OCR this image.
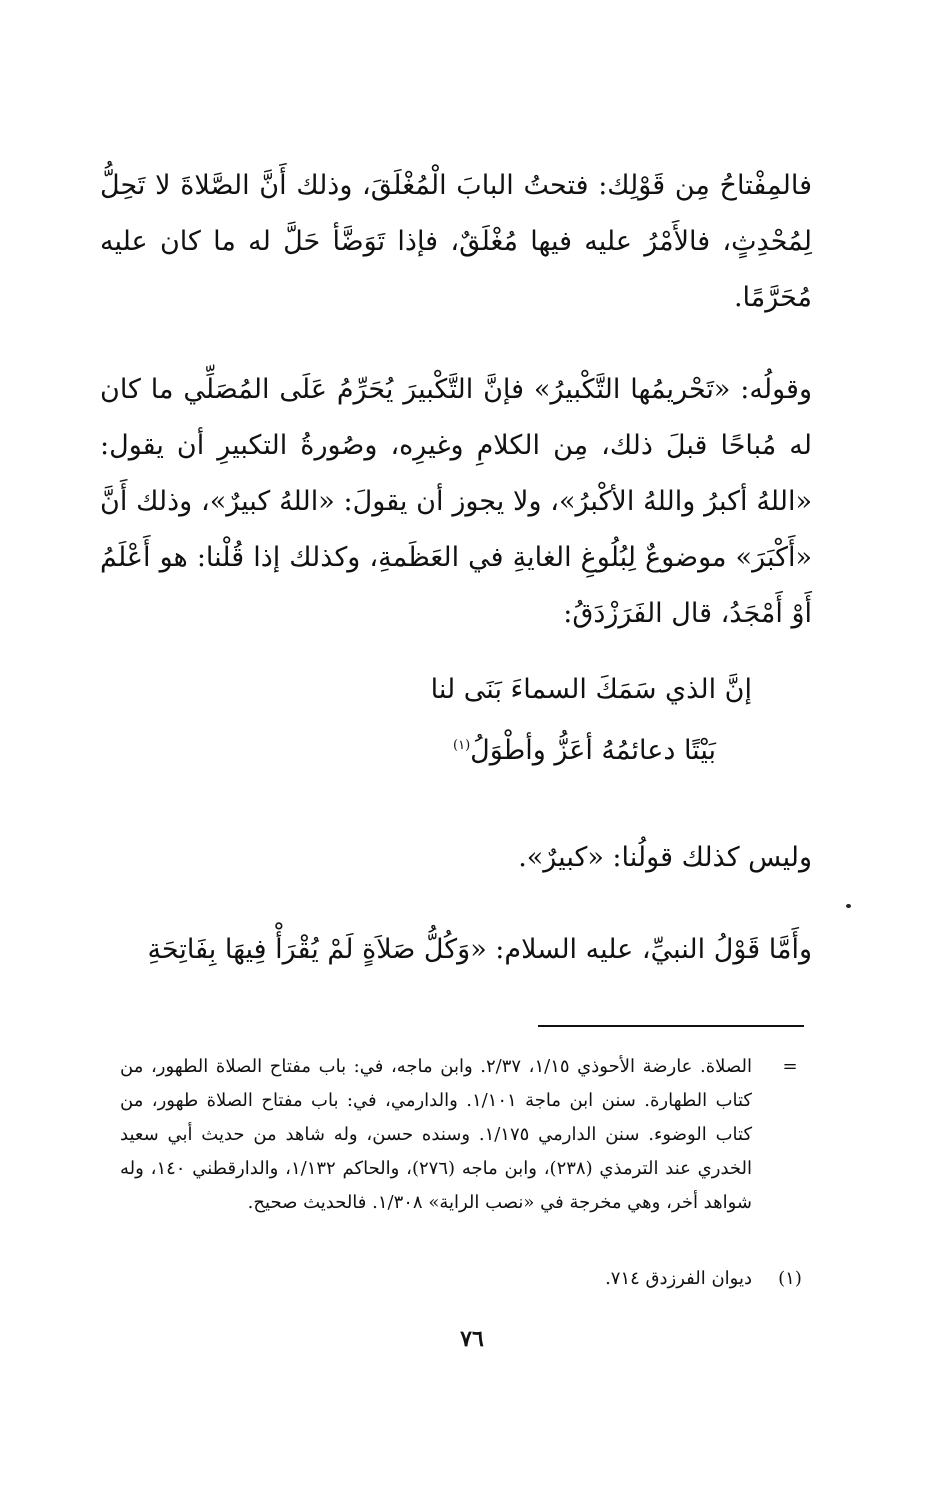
فالمِفْتاحُ مِن قَوْلِك: فتحتُ البابَ الْمُغْلَقَ، وذلك أَنَّ الصَّلاةَ لا تَحِلُّ لِمُحْدِثٍ، فالأَمْرُ عليه فيها مُغْلَقٌ، فإذا تَوَضَّأ حَلَّ له ما كان عليه مُحَرَّمًا.

وقولُه: «تَحْريمُها التَّكْبيرُ» فإنَّ التَّكْبيرَ يُحَرِّمُ عَلَى المُصَلِّي ما كان له مُباحًا قبلَ ذلك، مِن الكلامِ وغيرِه، وصُورةُ التكبيرِ أن يقول: «اللهُ أكبرُ واللهُ الأكْبرُ»، ولا يجوز أن يقولَ: «اللهُ كبيرٌ»، وذلك أَنَّ «أَكْبَرَ» موضوعٌ لِبُلُوغِ الغايةِ في العَظَمةِ، وكذلك إذا قُلْنا: هو أَعْلَمُ أَوْ أَمْجَدُ، قال الفَرَزْدَقُ:

إنَّ الذي سَمَكَ السماءَ بَنَى لنا
بَيْتًا دعائمُهُ أعَزُّ وأطْوَلُ$^{(١)}$

وليس كذلك قولُنا: «كبيرٌ».

وأَمَّا قَوْلُ النبيِّ، عليه السلام: «وَكُلُّ صَلاَةٍ لَمْ يُقْرَأْ فِيهَا بِفَاتِحَةِ

=
الصلاة. عارضة الأحوذي ١/١٥، ٢/٣٧. وابن ماجه، في: باب مفتاح الصلاة الطهور، من كتاب الطهارة. سنن ابن ماجة ١/١٠١. والدارمي، في: باب مفتاح الصلاة طهور، من كتاب الوضوء. سنن الدارمي ١/١٧٥. وسنده حسن، وله شاهد من حديث أبي سعيد الخدري عند الترمذي (٢٣٨)، وابن ماجه (٢٧٦)، والحاكم ١/١٣٢، والدارقطني ١٤٠، وله شواهد أخر، وهي مخرجة في «نصب الراية» ١/٣٠٨. فالحديث صحيح.
(١)
ديوان الفرزدق ٧١٤.
٧٦
